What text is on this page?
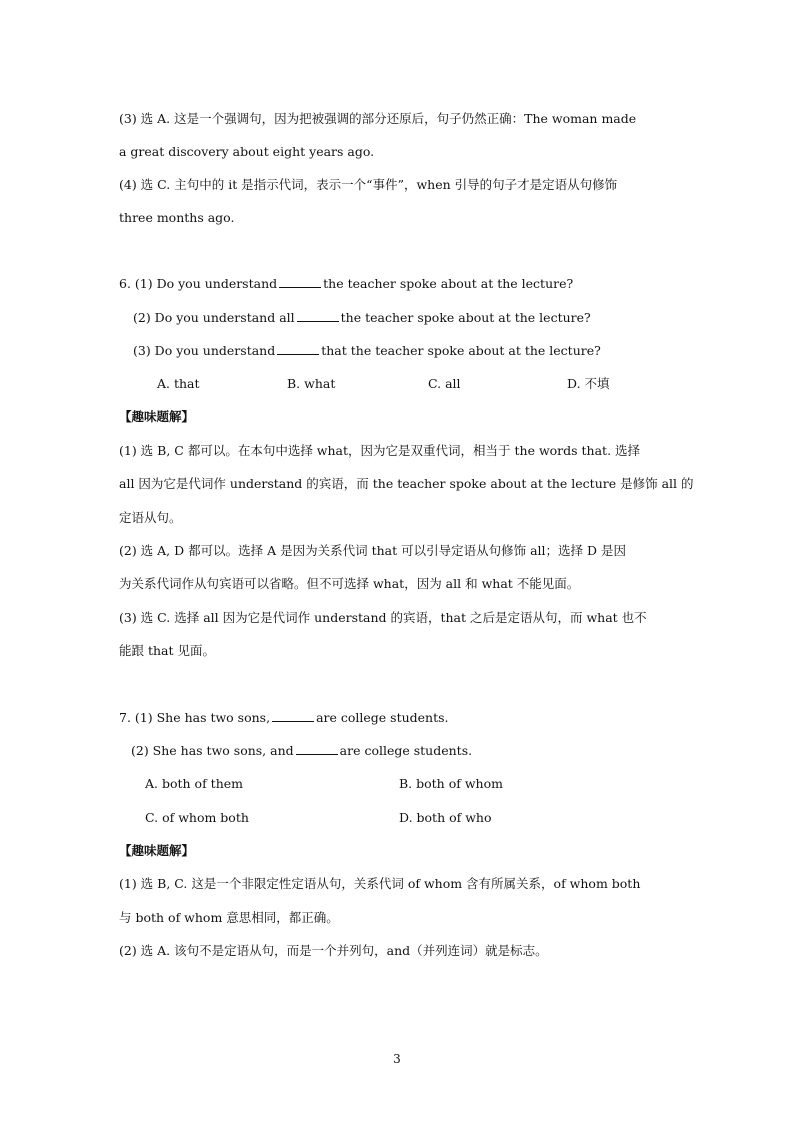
(3) 选 A. 这是一个强调句，因为把被强调的部分还原后，句子仍然正确：The woman made
a great discovery about eight years ago.
(4) 选 C. 主句中的 it 是指示代词，表示一个“事件”，when 引导的句子才是定语从句修饰
three months ago.
6. (1) Do you understand	the teacher spoke about at the lecture?
(2) Do you understand all	the teacher spoke about at the lecture?
(3) Do you understand	that the teacher spoke about at the lecture?
A. that	B. what	C. all	D. 不填
【趣味题解】
(1) 选 B, C 都可以。在本句中选择 what，因为它是双重代词，相当于 the words that. 选择
all 因为它是代词作 understand 的宾语，而 the teacher spoke about at the lecture 是修饰 all 的
定语从句。
(2) 选 A, D 都可以。选择 A 是因为关系代词 that 可以引导定语从句修饰 all；选择 D 是因
为关系代词作从句宾语可以省略。但不可选择 what，因为 all 和 what 不能见面。
(3) 选 C. 选择 all 因为它是代词作 understand 的宾语，that 之后是定语从句，而 what 也不
能跟 that 见面。
7. (1) She has two sons,	are college students.
(2) She has two sons, and	are college students.
A. both of them	B. both of whom
C. of whom both	D. both of who
【趣味题解】
(1) 选 B, C. 这是一个非限定性定语从句，关系代词 of whom 含有所属关系，of whom both
与 both of whom 意思相同，都正确。
(2) 选 A. 该句不是定语从句，而是一个并列句，and（并列连词）就是标志。
3
